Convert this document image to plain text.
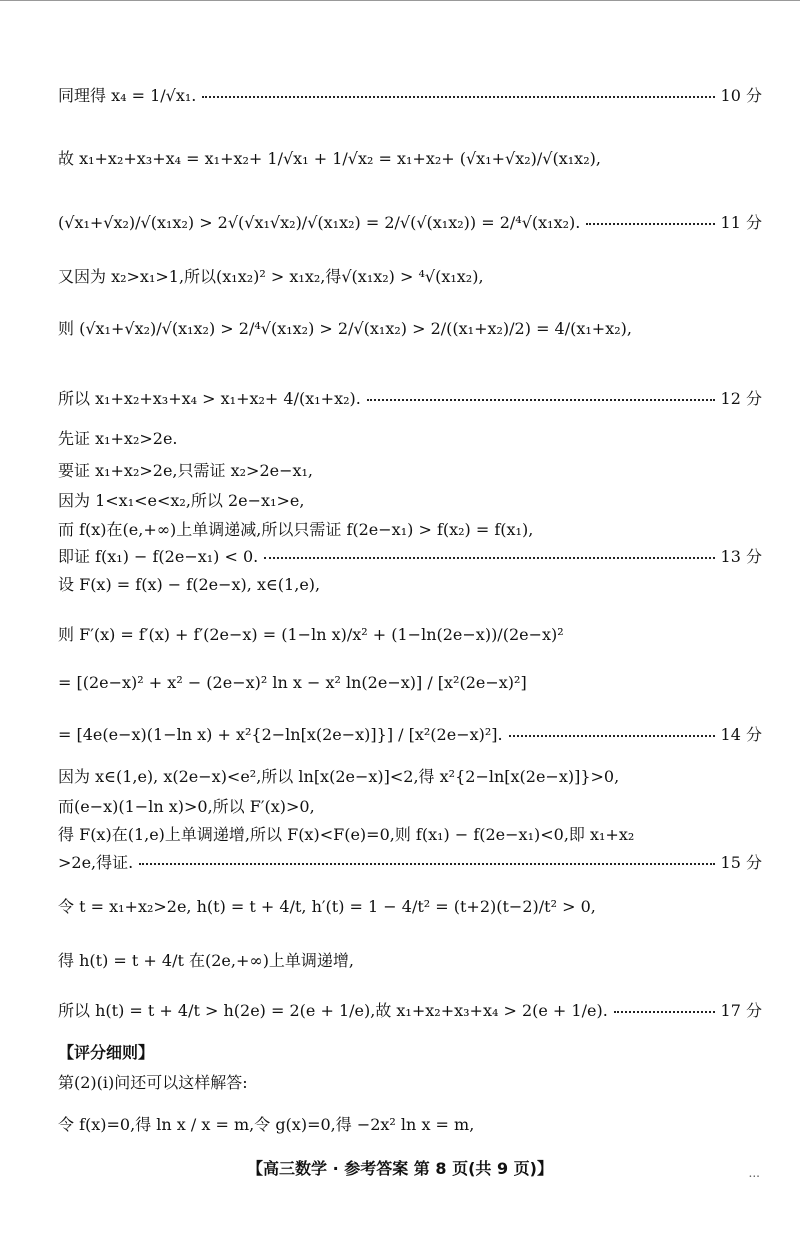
同理得 x₄ = 1/√x₁.	10 分
故 x₁+x₂+x₃+x₄ = x₁+x₂+ 1/√x₁ + 1/√x₂ = x₁+x₂+ (√x₁+√x₂)/√(x₁x₂),
(√x₁+√x₂)/√(x₁x₂) > 2√(√x₁√x₂)/√(x₁x₂) = 2/√(√(x₁x₂)) = 2/⁴√(x₁x₂).	11 分
又因为 x₂>x₁>1,所以(x₁x₂)² > x₁x₂,得√(x₁x₂) > ⁴√(x₁x₂),
则 (√x₁+√x₂)/√(x₁x₂) > 2/⁴√(x₁x₂) > 2/√(x₁x₂) > 2/((x₁+x₂)/2) = 4/(x₁+x₂),
所以 x₁+x₂+x₃+x₄ > x₁+x₂+ 4/(x₁+x₂).	12 分
先证 x₁+x₂>2e.
要证 x₁+x₂>2e,只需证 x₂>2e−x₁,
因为 1<x₁<e<x₂,所以 2e−x₁>e,
而 f(x)在(e,+∞)上单调递减,所以只需证 f(2e−x₁) > f(x₂) = f(x₁),
即证 f(x₁) − f(2e−x₁) < 0.	13 分
设 F(x) = f(x) − f(2e−x), x∈(1,e),
则 F′(x) = f′(x) + f′(2e−x) = (1−ln x)/x² + (1−ln(2e−x))/(2e−x)²
= [(2e−x)² + x² − (2e−x)² ln x − x² ln(2e−x)] / [x²(2e−x)²]
= [4e(e−x)(1−ln x) + x²{2−ln[x(2e−x)]}] / [x²(2e−x)²].	14 分
因为 x∈(1,e), x(2e−x)<e²,所以 ln[x(2e−x)]<2,得 x²{2−ln[x(2e−x)]}>0,
而(e−x)(1−ln x)>0,所以 F′(x)>0,
得 F(x)在(1,e)上单调递增,所以 F(x)<F(e)=0,则 f(x₁) − f(2e−x₁)<0,即 x₁+x₂
>2e,得证.	15 分
令 t = x₁+x₂>2e, h(t) = t + 4/t, h′(t) = 1 − 4/t² = (t+2)(t−2)/t² > 0,
得 h(t) = t + 4/t 在(2e,+∞)上单调递增,
所以 h(t) = t + 4/t > h(2e) = 2(e + 1/e),故 x₁+x₂+x₃+x₄ > 2(e + 1/e).	17 分
【评分细则】
第(2)(ⅰ)问还可以这样解答:
令 f(x)=0,得 ln x / x = m,令 g(x)=0,得 −2x² ln x = m,
【高三数学 · 参考答案 第 8 页(共 9 页)】	...
